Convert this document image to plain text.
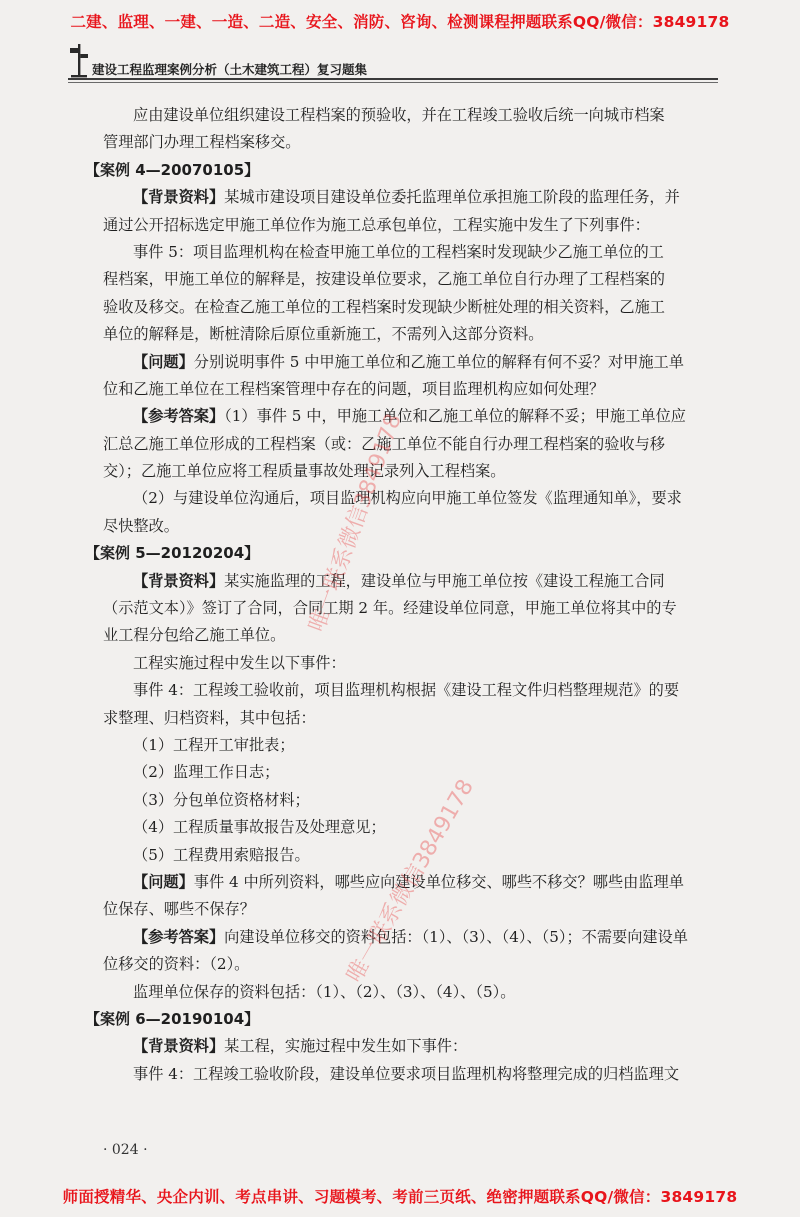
二建、监理、一建、一造、二造、安全、消防、咨询、检测课程押题联系QQ/微信：3849178
建设工程监理案例分析（土木建筑工程）复习题集
应由建设单位组织建设工程档案的预验收，并在工程竣工验收后统一向城市档案
管理部门办理工程档案移交。
【案例 4—20070105】
【背景资料】某城市建设项目建设单位委托监理单位承担施工阶段的监理任务，并
通过公开招标选定甲施工单位作为施工总承包单位，工程实施中发生了下列事件：
事件 5：项目监理机构在检查甲施工单位的工程档案时发现缺少乙施工单位的工
程档案，甲施工单位的解释是，按建设单位要求，乙施工单位自行办理了工程档案的
验收及移交。在检查乙施工单位的工程档案时发现缺少断桩处理的相关资料，乙施工
单位的解释是，断桩清除后原位重新施工，不需列入这部分资料。
【问题】分别说明事件 5 中甲施工单位和乙施工单位的解释有何不妥？对甲施工单
位和乙施工单位在工程档案管理中存在的问题，项目监理机构应如何处理？
【参考答案】（1）事件 5 中，甲施工单位和乙施工单位的解释不妥；甲施工单位应
汇总乙施工单位形成的工程档案（或：乙施工单位不能自行办理工程档案的验收与移
交）；乙施工单位应将工程质量事故处理记录列入工程档案。
（2）与建设单位沟通后，项目监理机构应向甲施工单位签发《监理通知单》，要求
尽快整改。
【案例 5—20120204】
【背景资料】某实施监理的工程，建设单位与甲施工单位按《建设工程施工合同
（示范文本）》签订了合同，合同工期 2 年。经建设单位同意，甲施工单位将其中的专
业工程分包给乙施工单位。
工程实施过程中发生以下事件：
事件 4：工程竣工验收前，项目监理机构根据《建设工程文件归档整理规范》的要
求整理、归档资料，其中包括：
（1）工程开工审批表；
（2）监理工作日志；
（3）分包单位资格材料；
（4）工程质量事故报告及处理意见；
（5）工程费用索赔报告。
【问题】事件 4 中所列资料，哪些应向建设单位移交、哪些不移交？哪些由监理单
位保存、哪些不保存？
【参考答案】向建设单位移交的资料包括：（1）、（3）、（4）、（5）；不需要向建设单
位移交的资料：（2）。
监理单位保存的资料包括：（1）、（2）、（3）、（4）、（5）。
【案例 6—20190104】
【背景资料】某工程，实施过程中发生如下事件：
事件 4：工程竣工验收阶段，建设单位要求项目监理机构将整理完成的归档监理文
· 024 ·
唯一联系微信3849178
唯一联系微信3849178
师面授精华、央企内训、考点串讲、习题模考、考前三页纸、绝密押题联系QQ/微信：3849178
